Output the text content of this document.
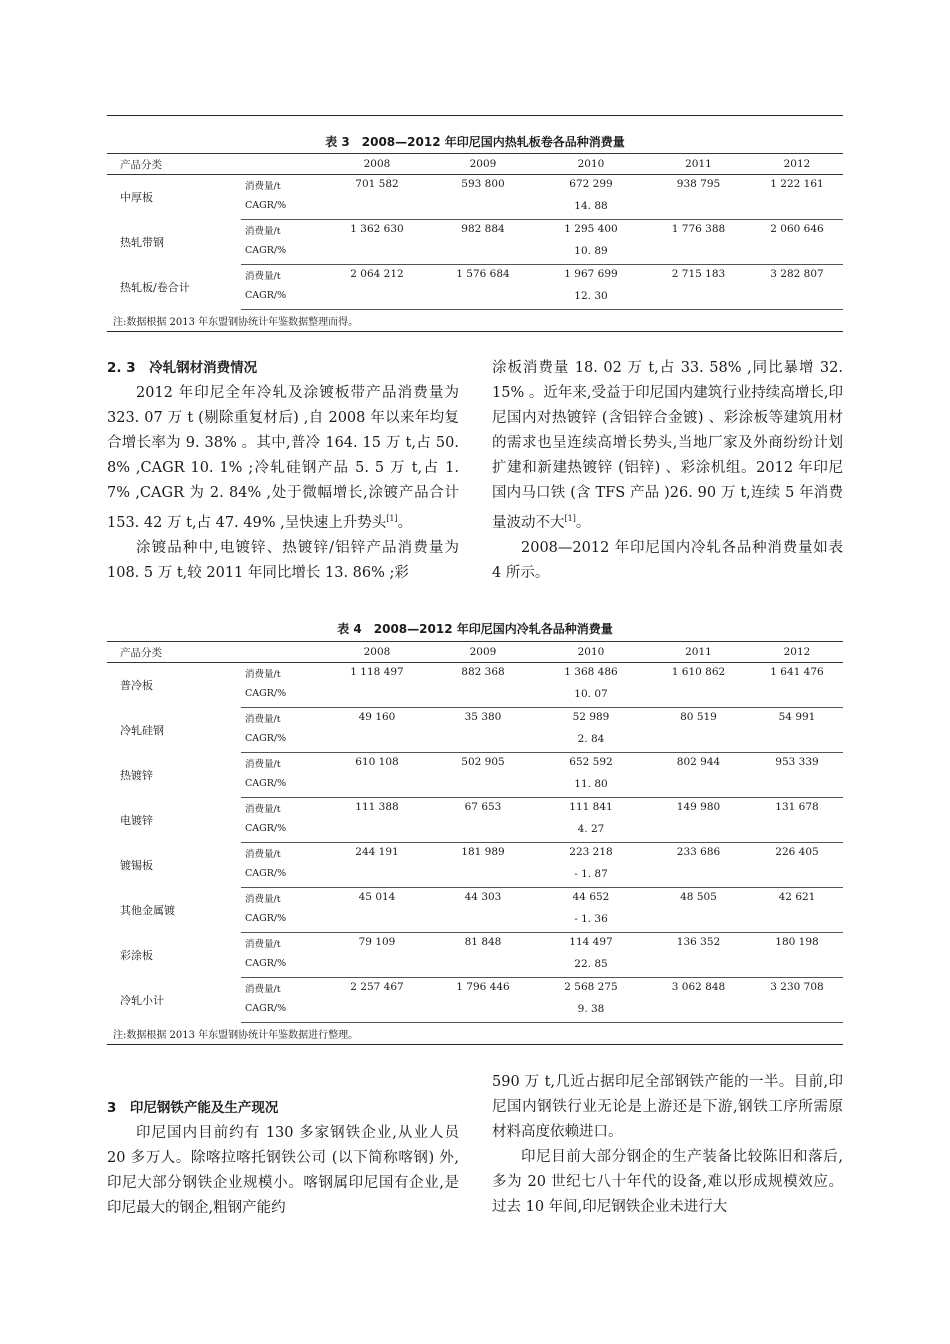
表 3　2008—2012 年印尼国内热轧板卷各品种消费量
产品分类		2008	2009	2010	2011	2012
中厚板	消费量/t	701 582	593 800	672 299	938 795	1 222 161
	CAGR/%			14. 88		
热轧带钢	消费量/t	1 362 630	982 884	1 295 400	1 776 388	2 060 646
	CAGR/%			10. 89		
热轧板/卷合计	消费量/t	2 064 212	1 576 684	1 967 699	2 715 183	3 282 807
	CAGR/%			12. 30		
注:数据根据 2013 年东盟钢协统计年鉴数据整理而得。						

2. 3　冷轧钢材消费情况

2012 年印尼全年冷轧及涂镀板带产品消费量为323. 07 万 t (剔除重复材后) ,自 2008 年以来年均复合增长率为 9. 38% 。其中,普冷 164. 15 万 t,占 50. 8% ,CAGR 10. 1% ;冷轧硅钢产品 5. 5 万 t,占 1. 7% ,CAGR 为 2. 84% ,处于微幅增长,涂镀产品合计 153. 42 万 t,占 47. 49% ,呈快速上升势头[1]。

涂镀品种中,电镀锌、热镀锌/铝锌产品消费量为 108. 5 万 t,较 2011 年同比增长 13. 86% ;彩

涂板消费量 18. 02 万 t,占 33. 58% ,同比暴增 32. 15% 。近年来,受益于印尼国内建筑行业持续高增长,印尼国内对热镀锌 (含铝锌合金镀) 、彩涂板等建筑用材的需求也呈连续高增长势头,当地厂家及外商纷纷计划扩建和新建热镀锌 (铝锌) 、彩涂机组。2012 年印尼国内马口铁 (含 TFS 产品 )26. 90 万 t,连续 5 年消费量波动不大[1]。

2008—2012 年印尼国内冷轧各品种消费量如表 4 所示。

表 4　2008—2012 年印尼国内冷轧各品种消费量
产品分类		2008	2009	2010	2011	2012
普冷板	消费量/t	1 118 497	882 368	1 368 486	1 610 862	1 641 476
	CAGR/%			10. 07		
冷轧硅钢	消费量/t	49 160	35 380	52 989	80 519	54 991
	CAGR/%			2. 84		
热镀锌	消费量/t	610 108	502 905	652 592	802 944	953 339
	CAGR/%			11. 80		
电镀锌	消费量/t	111 388	67 653	111 841	149 980	131 678
	CAGR/%			4. 27		
镀锡板	消费量/t	244 191	181 989	223 218	233 686	226 405
	CAGR/%			- 1. 87		
其他金属镀	消费量/t	45 014	44 303	44 652	48 505	42 621
	CAGR/%			- 1. 36		
彩涂板	消费量/t	79 109	81 848	114 497	136 352	180 198
	CAGR/%			22. 85		
冷轧小计	消费量/t	2 257 467	1 796 446	2 568 275	3 062 848	3 230 708
	CAGR/%			9. 38		
注:数据根据 2013 年东盟钢协统计年鉴数据进行整理。						

3　印尼钢铁产能及生产现况

印尼国内目前约有 130 多家钢铁企业,从业人员 20 多万人。除喀拉喀托钢铁公司 (以下简称喀钢) 外,印尼大部分钢铁企业规模小。喀钢属印尼国有企业,是印尼最大的钢企,粗钢产能约

590 万 t,几近占据印尼全部钢铁产能的一半。目前,印尼国内钢铁行业无论是上游还是下游,钢铁工序所需原材料高度依赖进口。

印尼目前大部分钢企的生产装备比较陈旧和落后,多为 20 世纪七八十年代的设备,难以形成规模效应。过去 10 年间,印尼钢铁企业未进行大
